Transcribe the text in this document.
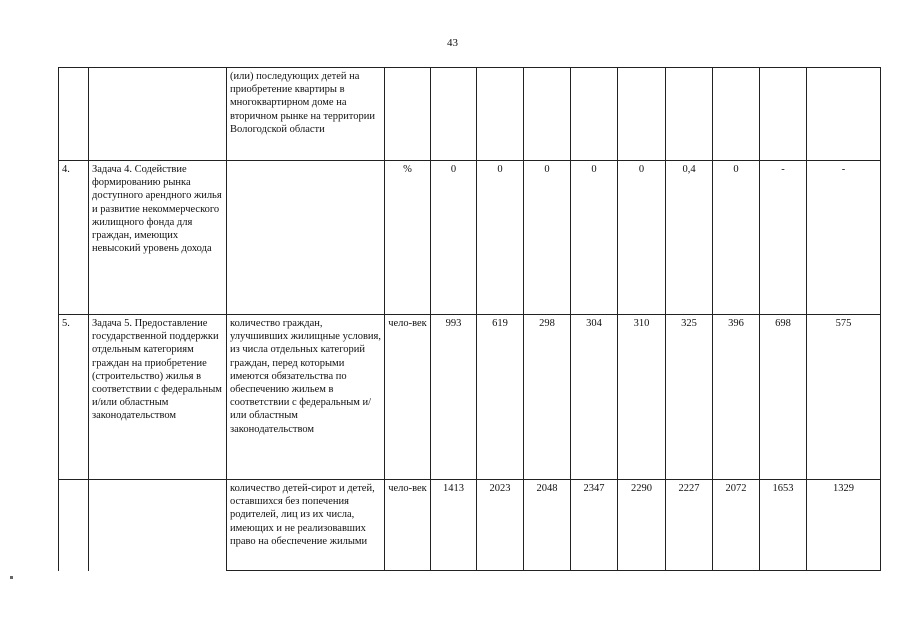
43
		(или) последующих детей на приобретение квартиры в многоквартирном доме на вторичном рынке на территории Вологодской области										
4.	Задача 4. Содействие формированию рынка доступного арендного жилья и развитие некоммерческого жилищного фонда для граждан, имеющих невысокий уровень дохода		%	0	0	0	0	0	0,4	0	-	-
5.	Задача 5. Предоставление государственной поддержки отдельным категориям граждан на приобретение (строительство) жилья в соответствии с федеральным и/или областным законодательством	количество граждан, улучшивших жилищные условия, из числа отдельных категорий граждан, перед которыми имеются обязательства по обеспечению жильем в соответствии с федеральным и/или областным законодательством	чело-век	993	619	298	304	310	325	396	698	575
		количество детей-сирот и детей, оставшихся без попечения родителей, лиц из их числа, имеющих и не реализовавших право на обеспечение жилыми	чело-век	1413	2023	2048	2347	2290	2227	2072	1653	1329
